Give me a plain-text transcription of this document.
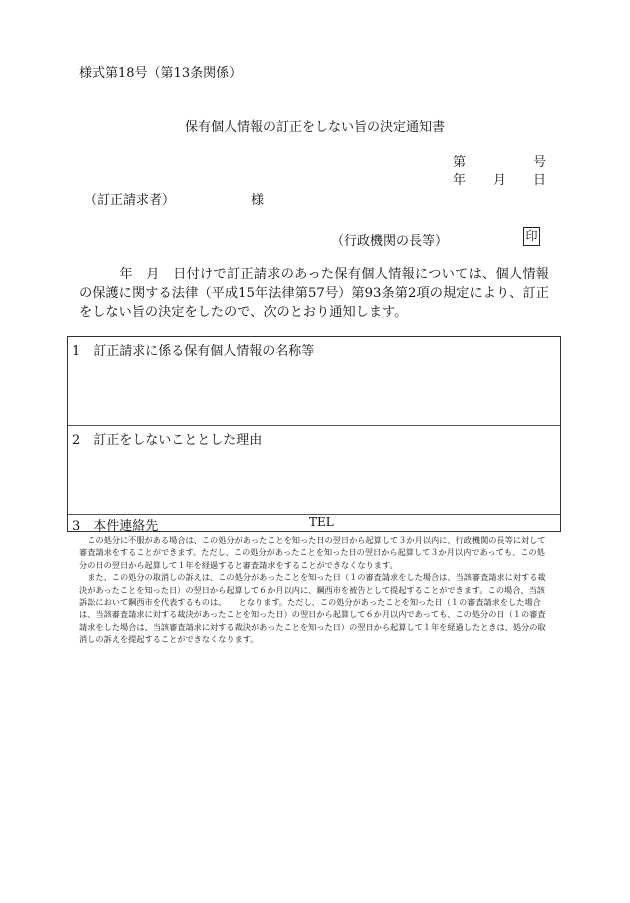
様式第18号（第13条関係）
保有個人情報の訂正をしない旨の決定通知書
第	号
年 月 日
（訂正請求者）	様
（行政機関の長等）	印

　　　年　月　日付けで訂正請求のあった保有個人情報については、個人情報の保護に関する法律（平成15年法律第57号）第93条第2項の規定により、訂正をしない旨の決定をしたので、次のとおり通知します。

1　訂正請求に係る保有個人情報の名称等
2　訂正をしないこととした理由
3　本件連絡先	TEL

　この処分に不服がある場合は、この処分があったことを知った日の翌日から起算して３か月以内に、行政機関の長等に対して審査請求をすることができます。ただし、この処分があったことを知った日の翌日から起算して３か月以内であっても、この処分の日の翌日から起算して１年を経過すると審査請求をすることができなくなります。

　また、この処分の取消しの訴えは、この処分があったことを知った日（１の審査請求をした場合は、当該審査請求に対する裁決があったことを知った日）の翌日から起算して６か月以内に、鋼西市を被告として提起することができます。この場合、当該訴訟において鋼西市を代表するものは、　　となります。ただし、この処分があったことを知った日（１の審査請求をした場合は、当該審査請求に対する裁決があったことを知った日）の翌日から起算して６か月以内であっても、この処分の日（１の審査請求をした場合は、当該審査請求に対する裁決があったことを知った日）の翌日から起算して１年を経過したときは、処分の取消しの訴えを提起することができなくなります。
